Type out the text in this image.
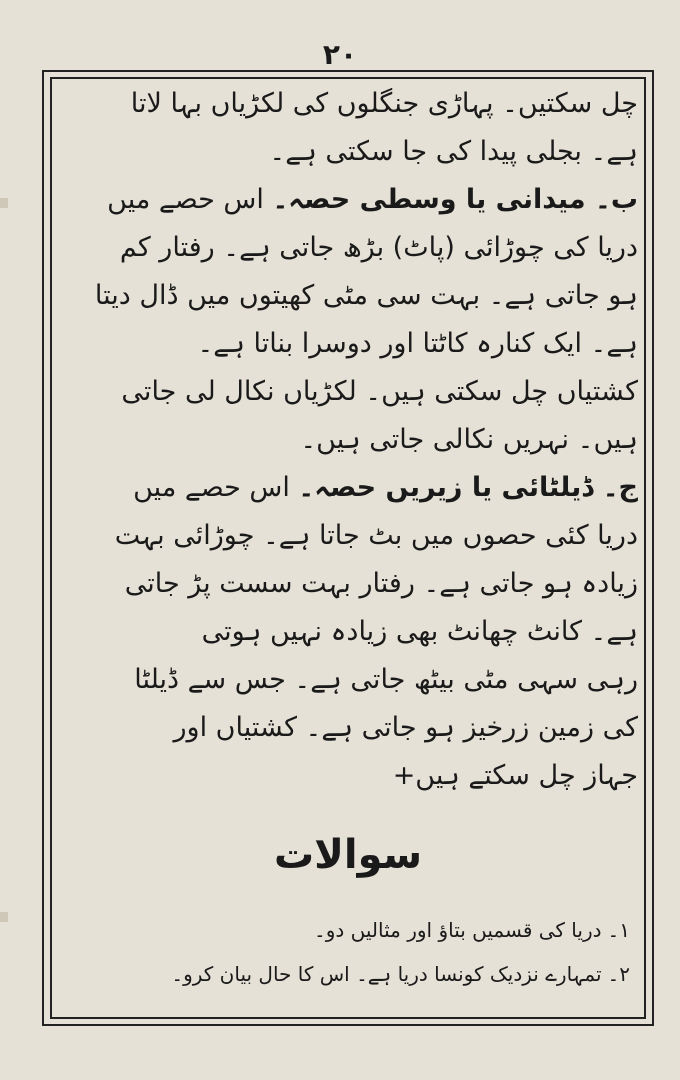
۲۰
چل سکتیں۔ پہاڑی جنگلوں کی لکڑیاں بہا لاتا
ہے۔ بجلی پیدا کی جا سکتی ہے۔
ب۔ میدانی یا وسطی حصہ۔ اس حصے میں
دریا کی چوڑائی (پاٹ) بڑھ جاتی ہے۔ رفتار کم
ہو جاتی ہے۔ بہت سی مٹی کھیتوں میں ڈال دیتا
ہے۔ ایک کنارہ کاٹتا اور دوسرا بناتا ہے۔
کشتیاں چل سکتی ہیں۔ لکڑیاں نکال لی جاتی
ہیں۔ نہریں نکالی جاتی ہیں۔
ج۔ ڈیلٹائی یا زیریں حصہ۔ اس حصے میں
دریا کئی حصوں میں بٹ جاتا ہے۔ چوڑائی بہت
زیادہ ہو جاتی ہے۔ رفتار بہت سست پڑ جاتی
ہے۔ کانٹ چھانٹ بھی زیادہ نہیں ہوتی
رہی سہی مٹی بیٹھ جاتی ہے۔ جس سے ڈیلٹا
کی زمین زرخیز ہو جاتی ہے۔ کشتیاں اور
جہاز چل سکتے ہیں+
سوالات
۱۔دریا کی قسمیں بتاؤ اور مثالیں دو۔
۲۔تمہارے نزدیک کونسا دریا ہے۔ اس کا حال بیان کرو۔
